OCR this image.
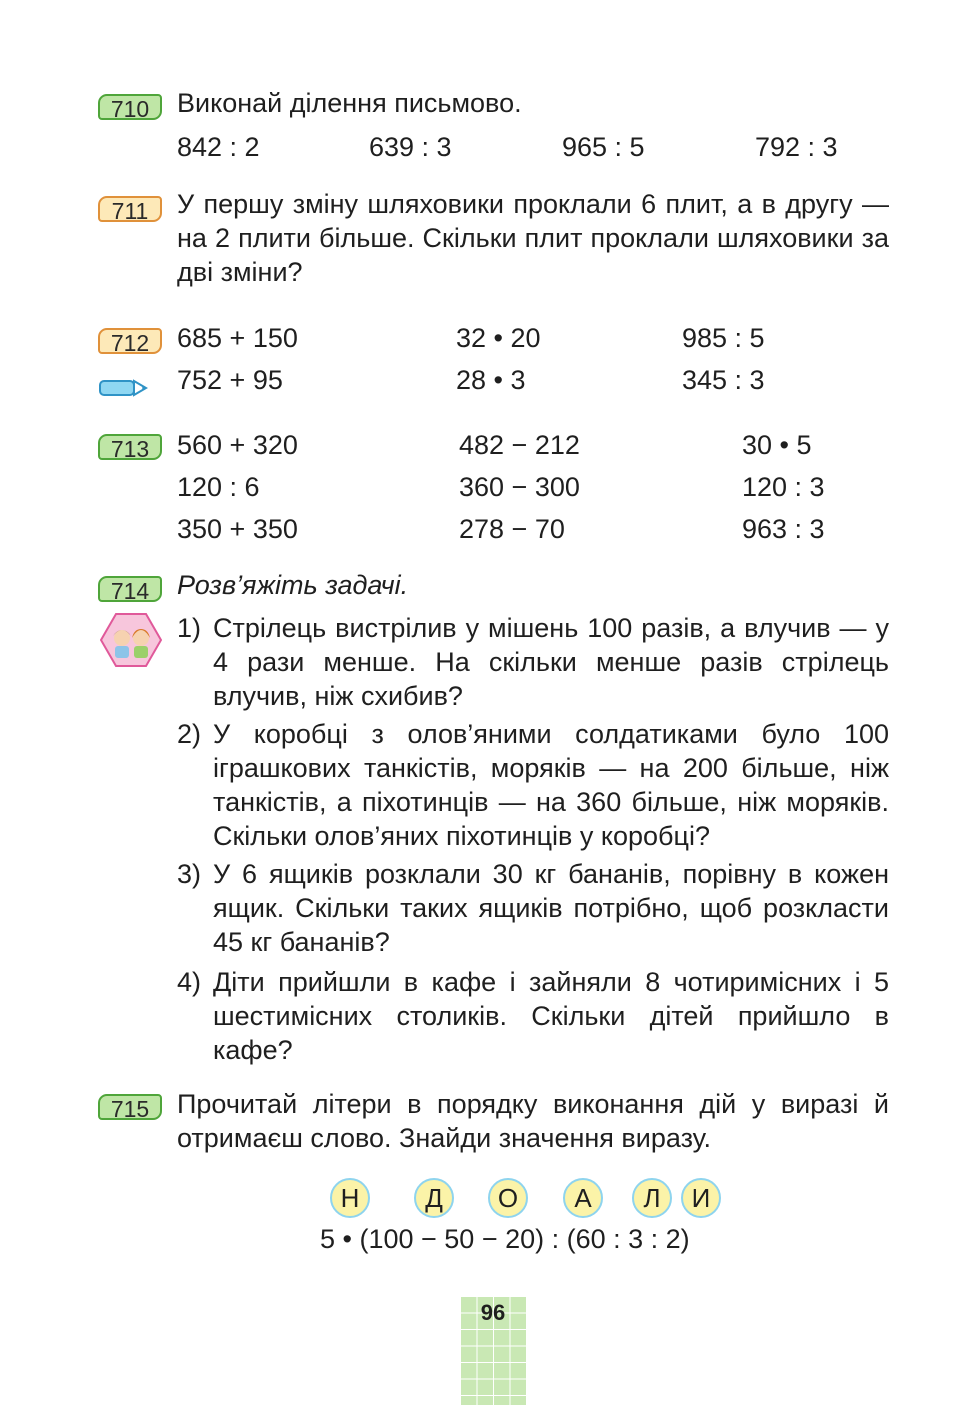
710	Виконай ділення письмово.
842 : 2	639 : 3	965 : 5	792 : 3
711	У першу зміну шляховики проклали 6 плит, а в другу — на 2 плити більше. Скільки плит проклали шляховики за дві зміни?
712	685 + 150	32 • 20	985 : 5
752 + 95	28 • 3	345 : 3
713	560 + 320	482 − 212	30 • 5
120 : 6	360 − 300	120 : 3
350 + 350	278 − 70	963 : 3
714	Розв’яжіть задачі.
1) Стрілець вистрілив у мішень 100 разів, а влучив — у 4 рази менше. На скільки менше разів стрілець влучив, ніж схибив?
2) У коробці з олов’яними солдатиками було 100 іграшкових танкістів, моряків — на 200 більше, ніж танкістів, а піхотинців — на 360 більше, ніж моряків. Скільки олов’яних піхотинців у коробці?
3) У 6 ящиків розклали 30 кг бананів, порівну в кожен ящик. Скільки таких ящиків потрібно, щоб розкласти 45 кг бананів?
4) Діти прийшли в кафе і зайняли 8 чотиримісних і 5 шестимісних столиків. Скільки дітей прийшло в кафе?
715	Прочитай літери в порядку виконання дій у виразі й отримаєш слово. Знайди значення виразу.
Н	Д	О	А	Л	И
5 • (100 − 50 − 20) : (60 : 3 : 2)
96
